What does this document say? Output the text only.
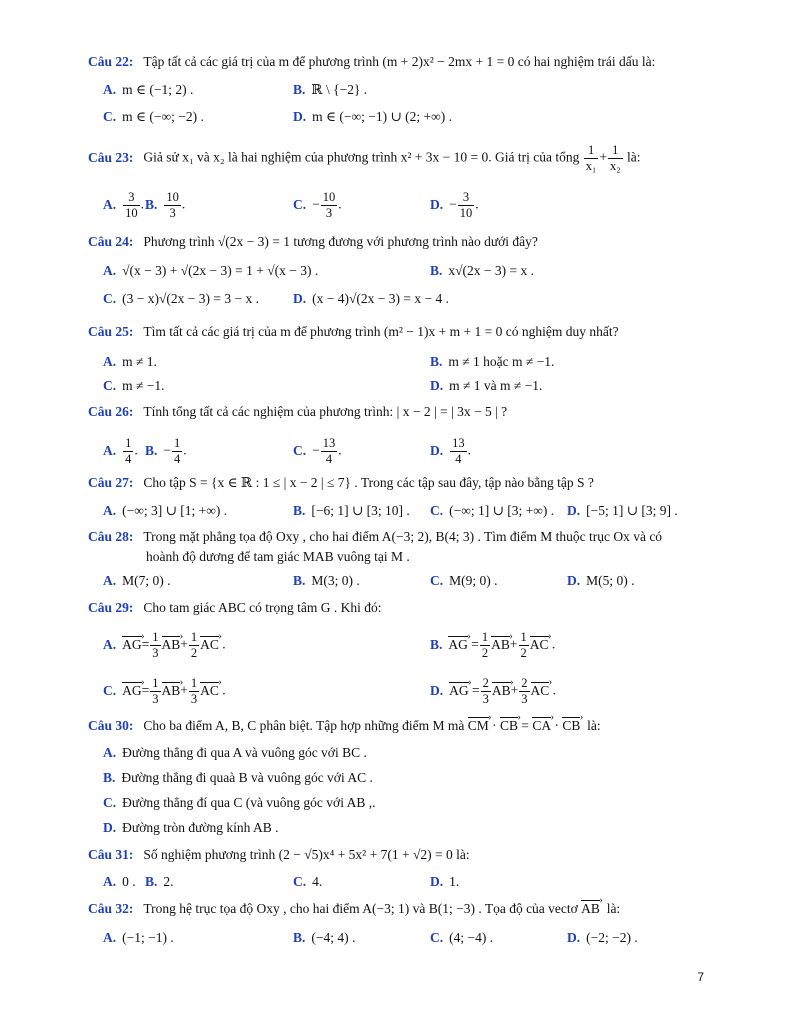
Câu 22: Tập tất cả các giá trị của m để phương trình (m + 2)x² − 2mx + 1 = 0 có hai nghiệm trái dấu là:
A. m ∈ (−1; 2) .	B. ℝ \ {−2} .
C. m ∈ (−∞; −2) .	D. m ∈ (−∞; −1) ∪ (2; +∞) .
Câu 23: Giả sử x₁ và x₂ là hai nghiệm của phương trình x² + 3x − 10 = 0. Giá trị của tổng $\frac{1}{\text{x₁}} + \frac{1}{\text{x₂}}$ là:
A. $\frac{3}{10}$ . B. $\frac{10}{3}$ .	C. − $\frac{10}{3}$ .	D. − $\frac{3}{10}$ .
Câu 24: Phương trình √(2x − 3) = 1 tương đương với phương trình nào dưới đây?
A. √(x − 3) + √(2x − 3) = 1 + √(x − 3) .	B. x√(2x − 3) = x .
C. (3 − x)√(2x − 3) = 3 − x .	D. (x − 4)√(2x − 3) = x − 4 .
Câu 25: Tìm tất cả các giá trị của m để phương trình (m² − 1)x + m + 1 = 0 có nghiệm duy nhất?
A. m ≠ 1.	B. m ≠ 1 hoặc m ≠ −1.
C. m ≠ −1.	D. m ≠ 1 và m ≠ −1.
Câu 26: Tính tổng tất cả các nghiệm của phương trình: | x − 2 | = | 3x − 5 | ?
A. $\frac{1}{4}$ . B. − $\frac{1}{4}$ .	C. − $\frac{13}{4}$ .	D. $\frac{13}{4}$ .
Câu 27: Cho tập S = {x ∈ ℝ : 1 ≤ | x − 2 | ≤ 7} . Trong các tập sau đây, tập nào bằng tập S ?
A. (−∞; 3] ∪ [1; +∞) .	B. [−6; 1] ∪ [3; 10] . C. (−∞; 1] ∪ [3; +∞) . D. [−5; 1] ∪ [3; 9] .
Câu 28: Trong mặt phẳng tọa độ Oxy , cho hai điểm A(−3; 2), B(4; 3) . Tìm điểm M thuộc trục Ox và có
hoành độ dương để tam giác MAB vuông tại M .
A. M(7; 0) .	B. M(3; 0) .	C. M(9; 0) .	D. M(5; 0) .
Câu 29: Cho tam giác ABC có trọng tâm G . Khi đó:
A. AG ›= $\frac{1}{3}$ AB ›+ $\frac{1}{2}$ AC › .	B. AG › = $\frac{1}{2}$ AB ›+ $\frac{1}{2}$ AC › .
C. AG ›= $\frac{1}{3}$ AB ›+ $\frac{1}{3}$ AC › .	D. AG › = $\frac{2}{3}$ AB ›+ $\frac{2}{3}$ AC › .
Câu 30: Cho ba điểm A, B, C phân biệt. Tập hợp những điểm M mà CM › · CB › = CA › · CB ›  là:
A. Đường thẳng đi qua A và vuông góc với BC .
B. Đường thẳng đi quaà B và vuông góc với AC .
C. Đường thẳng đí qua C (và vuông góc với AB ,.
D. Đường tròn đường kính AB .
Câu 31: Số nghiệm phương trình (2 − √5)x⁴ + 5x² + 7(1 + √2) = 0 là:
A. 0 . B. 2.	C. 4.	D. 1.
Câu 32: Trong hệ trục tọa độ Oxy , cho hai điểm A(−3; 1) và B(1; −3) . Tọa độ của vectơ AB ›  là:
A. (−1; −1) .	B. (−4; 4) .	C. (4; −4) .	D. (−2; −2) .
7
